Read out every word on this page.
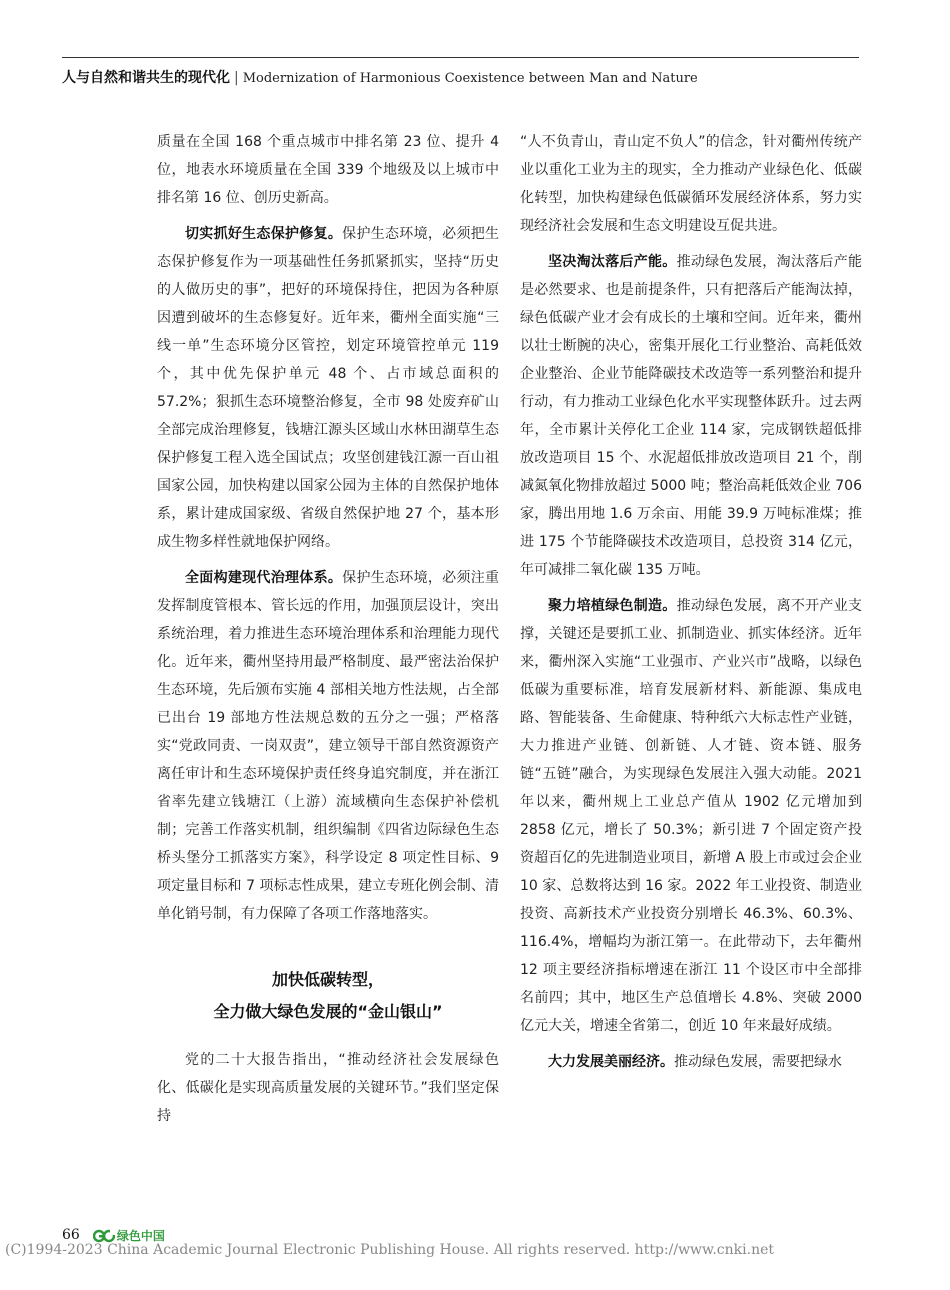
人与自然和谐共生的现代化 | Modernization of Harmonious Coexistence between Man and Nature

质量在全国 168 个重点城市中排名第 23 位、提升 4 位，地表水环境质量在全国 339 个地级及以上城市中排名第 16 位、创历史新高。

切实抓好生态保护修复。保护生态环境，必须把生态保护修复作为一项基础性任务抓紧抓实，坚持“历史的人做历史的事”，把好的环境保持住，把因为各种原因遭到破坏的生态修复好。近年来，衢州全面实施“三线一单”生态环境分区管控，划定环境管控单元 119 个，其中优先保护单元 48 个、占市域总面积的 57.2%；狠抓生态环境整治修复，全市 98 处废弃矿山全部完成治理修复，钱塘江源头区域山水林田湖草生态保护修复工程入选全国试点；攻坚创建钱江源一百山祖国家公园，加快构建以国家公园为主体的自然保护地体系，累计建成国家级、省级自然保护地 27 个，基本形成生物多样性就地保护网络。

全面构建现代治理体系。保护生态环境，必须注重发挥制度管根本、管长远的作用，加强顶层设计，突出系统治理，着力推进生态环境治理体系和治理能力现代化。近年来，衢州坚持用最严格制度、最严密法治保护生态环境，先后颁布实施 4 部相关地方性法规，占全部已出台 19 部地方性法规总数的五分之一强；严格落实“党政同责、一岗双责”，建立领导干部自然资源资产离任审计和生态环境保护责任终身追究制度，并在浙江省率先建立钱塘江（上游）流域横向生态保护补偿机制；完善工作落实机制，组织编制《四省边际绿色生态桥头堡分工抓落实方案》，科学设定 8 项定性目标、9 项定量目标和 7 项标志性成果，建立专班化例会制、清单化销号制，有力保障了各项工作落地落实。

加快低碳转型，
全力做大绿色发展的“金山银山”

党的二十大报告指出，“推动经济社会发展绿色化、低碳化是实现高质量发展的关键环节。”我们坚定保持

“人不负青山，青山定不负人”的信念，针对衢州传统产业以重化工业为主的现实，全力推动产业绿色化、低碳化转型，加快构建绿色低碳循环发展经济体系，努力实现经济社会发展和生态文明建设互促共进。

坚决淘汰落后产能。推动绿色发展，淘汰落后产能是必然要求、也是前提条件，只有把落后产能淘汰掉，绿色低碳产业才会有成长的土壤和空间。近年来，衢州以壮士断腕的决心，密集开展化工行业整治、高耗低效企业整治、企业节能降碳技术改造等一系列整治和提升行动，有力推动工业绿色化水平实现整体跃升。过去两年，全市累计关停化工企业 114 家，完成钢铁超低排放改造项目 15 个、水泥超低排放改造项目 21 个，削减氮氧化物排放超过 5000 吨；整治高耗低效企业 706 家，腾出用地 1.6 万余亩、用能 39.9 万吨标准煤；推进 175 个节能降碳技术改造项目，总投资 314 亿元，年可减排二氧化碳 135 万吨。

聚力培植绿色制造。推动绿色发展，离不开产业支撑，关键还是要抓工业、抓制造业、抓实体经济。近年来，衢州深入实施“工业强市、产业兴市”战略，以绿色低碳为重要标准，培育发展新材料、新能源、集成电路、智能装备、生命健康、特种纸六大标志性产业链，大力推进产业链、创新链、人才链、资本链、服务链“五链”融合，为实现绿色发展注入强大动能。2021 年以来，衢州规上工业总产值从 1902 亿元增加到 2858 亿元，增长了 50.3%；新引进 7 个固定资产投资超百亿的先进制造业项目，新增 A 股上市或过会企业 10 家、总数将达到 16 家。2022 年工业投资、制造业投资、高新技术产业投资分别增长 46.3%、60.3%、116.4%，增幅均为浙江第一。在此带动下，去年衢州 12 项主要经济指标增速在浙江 11 个设区市中全部排名前四；其中，地区生产总值增长 4.8%、突破 2000 亿元大关，增速全省第二，创近 10 年来最好成绩。

大力发展美丽经济。推动绿色发展，需要把绿水

66	绿色中国
(C)1994-2023 China Academic Journal Electronic Publishing House. All rights reserved. http://www.cnki.net
